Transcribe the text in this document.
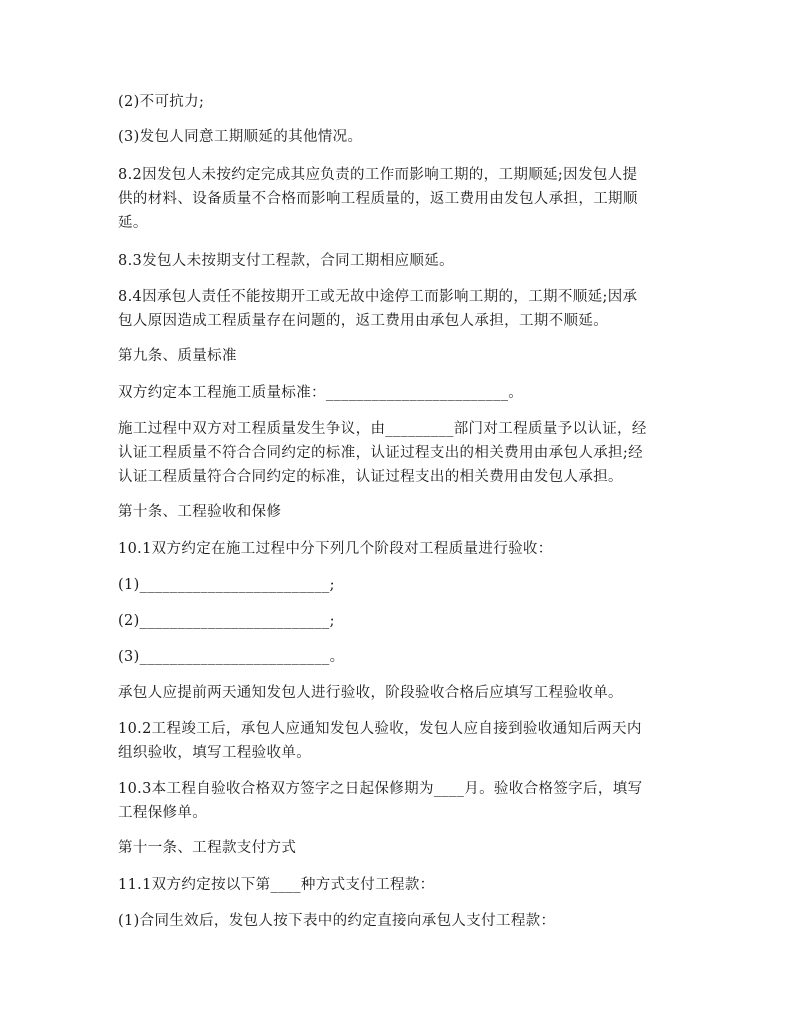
(2)不可抗力;
(3)发包人同意工期顺延的其他情况。
8.2因发包人未按约定完成其应负责的工作而影响工期的，工期顺延;因发包人提
供的材料、设备质量不合格而影响工程质量的，返工费用由发包人承担，工期顺
延。
8.3发包人未按期支付工程款，合同工期相应顺延。
8.4因承包人责任不能按期开工或无故中途停工而影响工期的，工期不顺延;因承
包人原因造成工程质量存在问题的，返工费用由承包人承担，工期不顺延。
第九条、质量标准
双方约定本工程施工质量标准：________________________。
施工过程中双方对工程质量发生争议，由_________部门对工程质量予以认证，经
认证工程质量不符合合同约定的标准，认证过程支出的相关费用由承包人承担;经
认证工程质量符合合同约定的标准，认证过程支出的相关费用由发包人承担。
第十条、工程验收和保修
10.1双方约定在施工过程中分下列几个阶段对工程质量进行验收：
(1)_________________________;
(2)_________________________;
(3)_________________________。
承包人应提前两天通知发包人进行验收，阶段验收合格后应填写工程验收单。
10.2工程竣工后，承包人应通知发包人验收，发包人应自接到验收通知后两天内
组织验收，填写工程验收单。
10.3本工程自验收合格双方签字之日起保修期为____月。验收合格签字后，填写
工程保修单。
第十一条、工程款支付方式
11.1双方约定按以下第____种方式支付工程款：
(1)合同生效后，发包人按下表中的约定直接向承包人支付工程款：
